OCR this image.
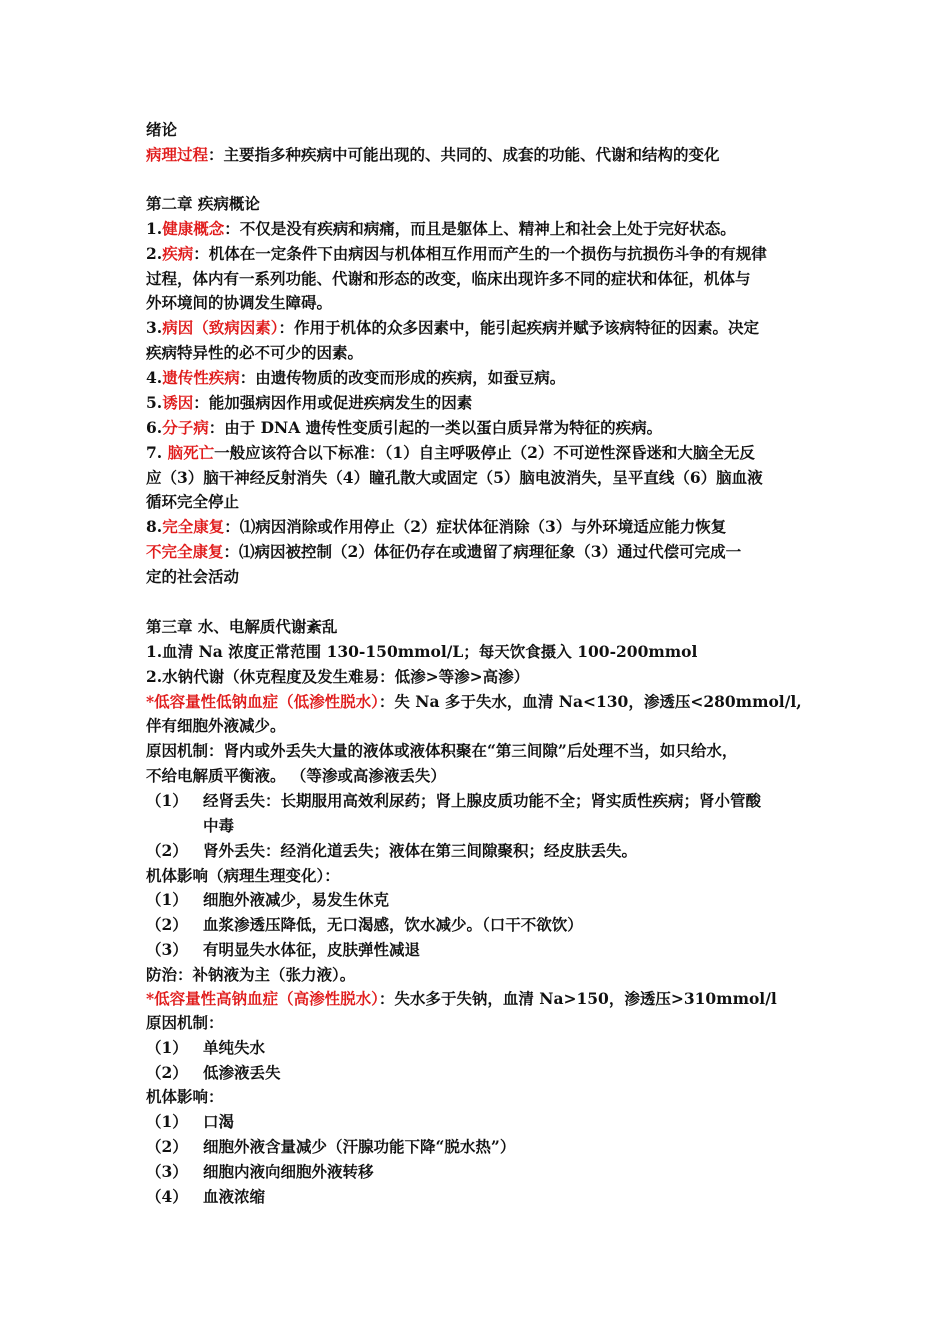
绪论

病理过程：主要指多种疾病中可能出现的、共同的、成套的功能、代谢和结构的变化

第二章 疾病概论

1.健康概念：不仅是没有疾病和病痛，而且是躯体上、精神上和社会上处于完好状态。

2.疾病：机体在一定条件下由病因与机体相互作用而产生的一个损伤与抗损伤斗争的有规律

过程，体内有一系列功能、代谢和形态的改变，临床出现许多不同的症状和体征，机体与

外环境间的协调发生障碍。

3.病因（致病因素）：作用于机体的众多因素中，能引起疾病并赋予该病特征的因素。决定

疾病特异性的必不可少的因素。

4.遗传性疾病：由遗传物质的改变而形成的疾病，如蚕豆病。

5.诱因：能加强病因作用或促进疾病发生的因素

6.分子病：由于 DNA 遗传性变质引起的一类以蛋白质异常为特征的疾病。

7. 脑死亡一般应该符合以下标准：（1）自主呼吸停止（2）不可逆性深昏迷和大脑全无反

应（3）脑干神经反射消失（4）瞳孔散大或固定（5）脑电波消失，呈平直线（6）脑血液

循环完全停止

8.完全康复：⑴病因消除或作用停止（2）症状体征消除（3）与外环境适应能力恢复

不完全康复：⑴病因被控制（2）体征仍存在或遗留了病理征象（3）通过代偿可完成一

定的社会活动

第三章 水、电解质代谢紊乱

1.血清 Na 浓度正常范围 130-150mmol/L；每天饮食摄入 100-200mmol

2.水钠代谢（休克程度及发生难易：低渗>等渗>高渗）

*低容量性低钠血症（低渗性脱水）：失 Na 多于失水，血清 Na<130，渗透压<280mmol/l,

伴有细胞外液减少。

原因机制：肾内或外丢失大量的液体或液体积聚在“第三间隙”后处理不当，如只给水，

不给电解质平衡液。 （等渗或高渗液丢失）

（1） 经肾丢失：长期服用高效利尿药；肾上腺皮质功能不全；肾实质性疾病；肾小管酸

中毒

（2） 肾外丢失：经消化道丢失；液体在第三间隙聚积；经皮肤丢失。

机体影响（病理生理变化）：

（1） 细胞外液减少，易发生休克

（2） 血浆渗透压降低，无口渴感，饮水减少。（口干不欲饮）

（3） 有明显失水体征，皮肤弹性减退

防治：补钠液为主（张力液）。

*低容量性高钠血症（高渗性脱水）：失水多于失钠，血清 Na>150，渗透压>310mmol/l

原因机制：

（1） 单纯失水

（2） 低渗液丢失

机体影响：

（1） 口渴

（2） 细胞外液含量减少（汗腺功能下降“脱水热”）

（3） 细胞内液向细胞外液转移

（4） 血液浓缩
